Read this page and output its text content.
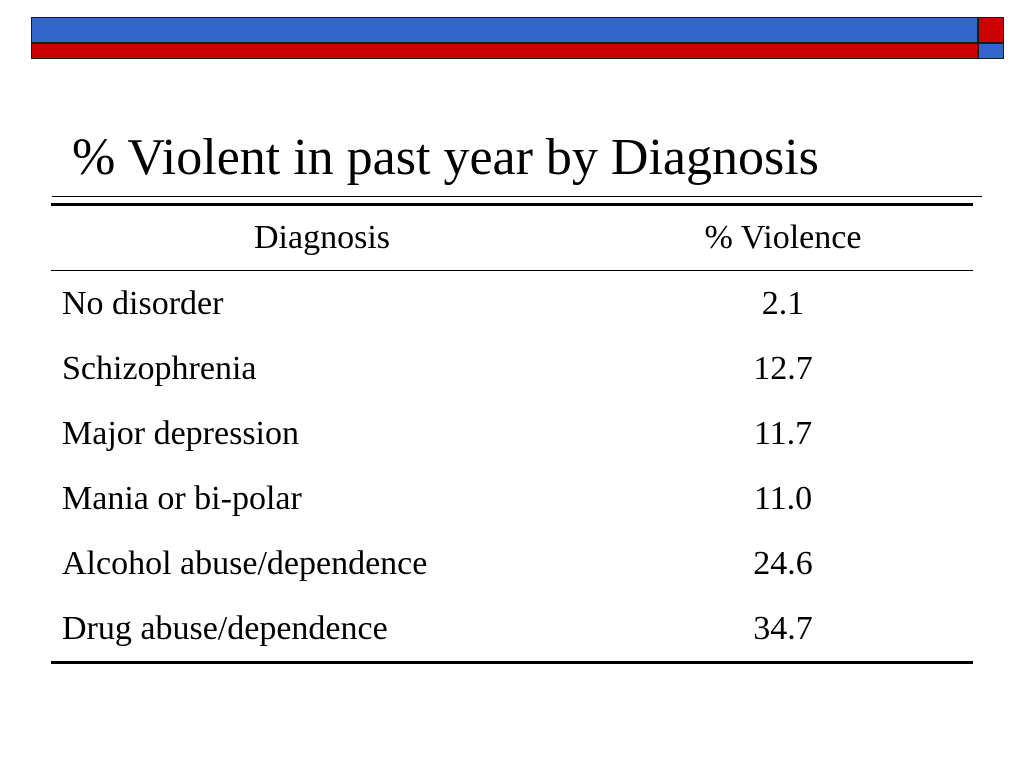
% Violent in past year by Diagnosis
Diagnosis	% Violence
No disorder	2.1
Schizophrenia	12.7
Major depression	11.7
Mania or bi-polar	11.0
Alcohol abuse/dependence	24.6
Drug abuse/dependence	34.7
